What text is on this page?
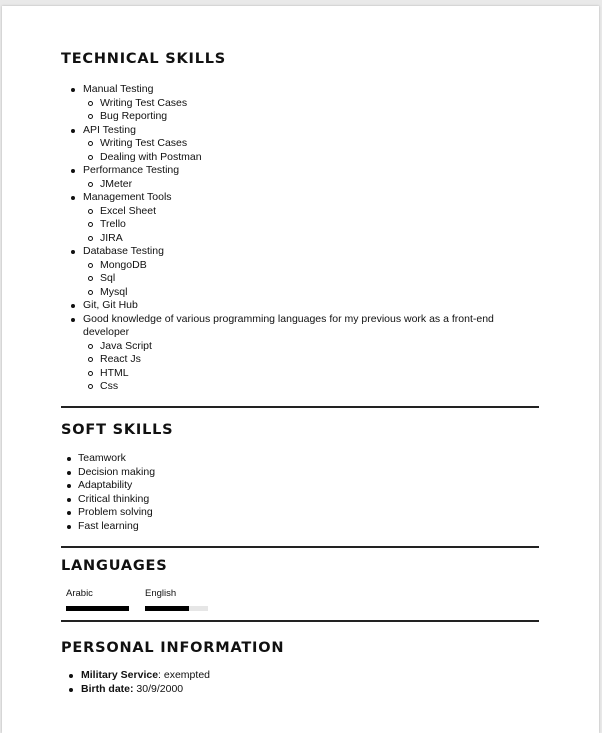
TECHNICAL SKILLS
Manual Testing
Writing Test Cases
Bug Reporting
API Testing
Writing Test Cases
Dealing with Postman
Performance Testing
JMeter
Management Tools
Excel Sheet
Trello
JIRA
Database Testing
MongoDB
Sql
Mysql
Git, Git Hub
Good knowledge of various programming languages for my previous work as a front-end developer
Java Script
React Js
HTML
Css
SOFT SKILLS
Teamwork
Decision making
Adaptability
Critical thinking
Problem solving
Fast learning
LANGUAGES
Arabic	English
PERSONAL INFORMATION
Military Service: exempted
Birth date: 30/9/2000
